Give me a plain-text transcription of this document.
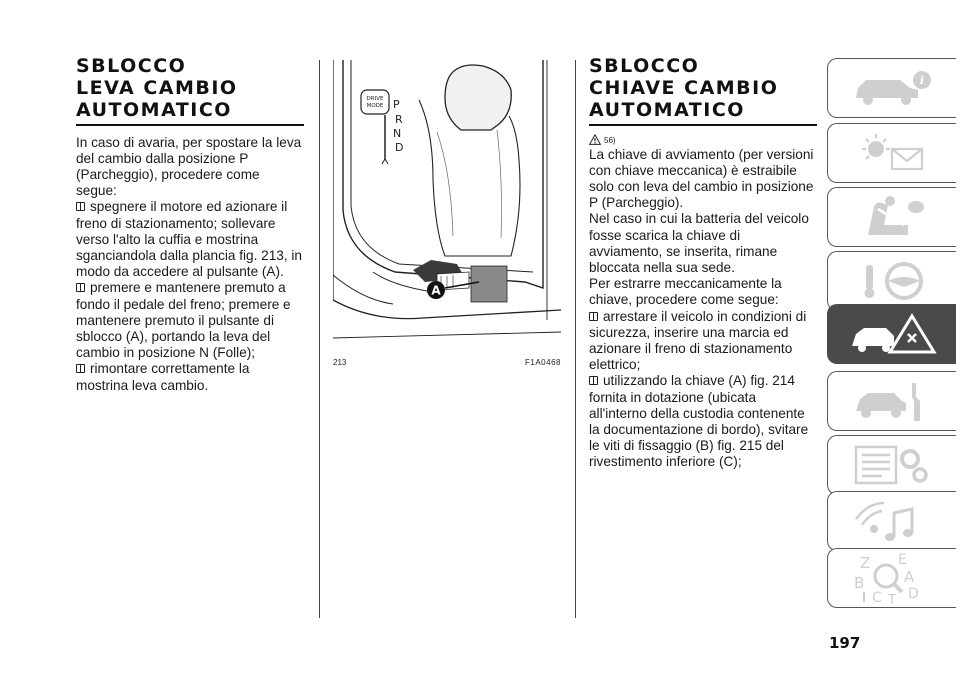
SBLOCCO
LEVA CAMBIO
AUTOMATICO

In caso di avaria, per spostare la leva del cambio dalla posizione P (Parcheggio), procedere come segue:

spegnere il motore ed azionare il freno di stazionamento; sollevare verso l'alto la cuffia e mostrina sganciandola dalla plancia fig. 213, in modo da accedere al pulsante (A).

premere e mantenere premuto a fondo il pedale del freno; premere e mantenere premuto il pulsante di sblocco (A), portando la leva del cambio in posizione N (Folle);

rimontare correttamente la mostrina leva cambio.

DRIVE
MODE P
R
N
D
A
213	F1A0468
SBLOCCO
CHIAVE CAMBIO
AUTOMATICO
56)

La chiave di avviamento (per versioni con chiave meccanica) è estraibile solo con leva del cambio in posizione P (Parcheggio).

Nel caso in cui la batteria del veicolo fosse scarica la chiave di avviamento, se inserita, rimane bloccata nella sua sede.

Per estrarre meccanicamente la chiave, procedere come segue:

arrestare il veicolo in condizioni di sicurezza, inserire una marcia ed azionare il freno di stazionamento elettrico;

utilizzando la chiave (A) fig. 214 fornita in dotazione (ubicata all'interno della custodia contenente la documentazione di bordo), svitare le viti di fissaggio (B) fig. 215 del rivestimento inferiore (C);

i
Z E
B	A
C T D
197
